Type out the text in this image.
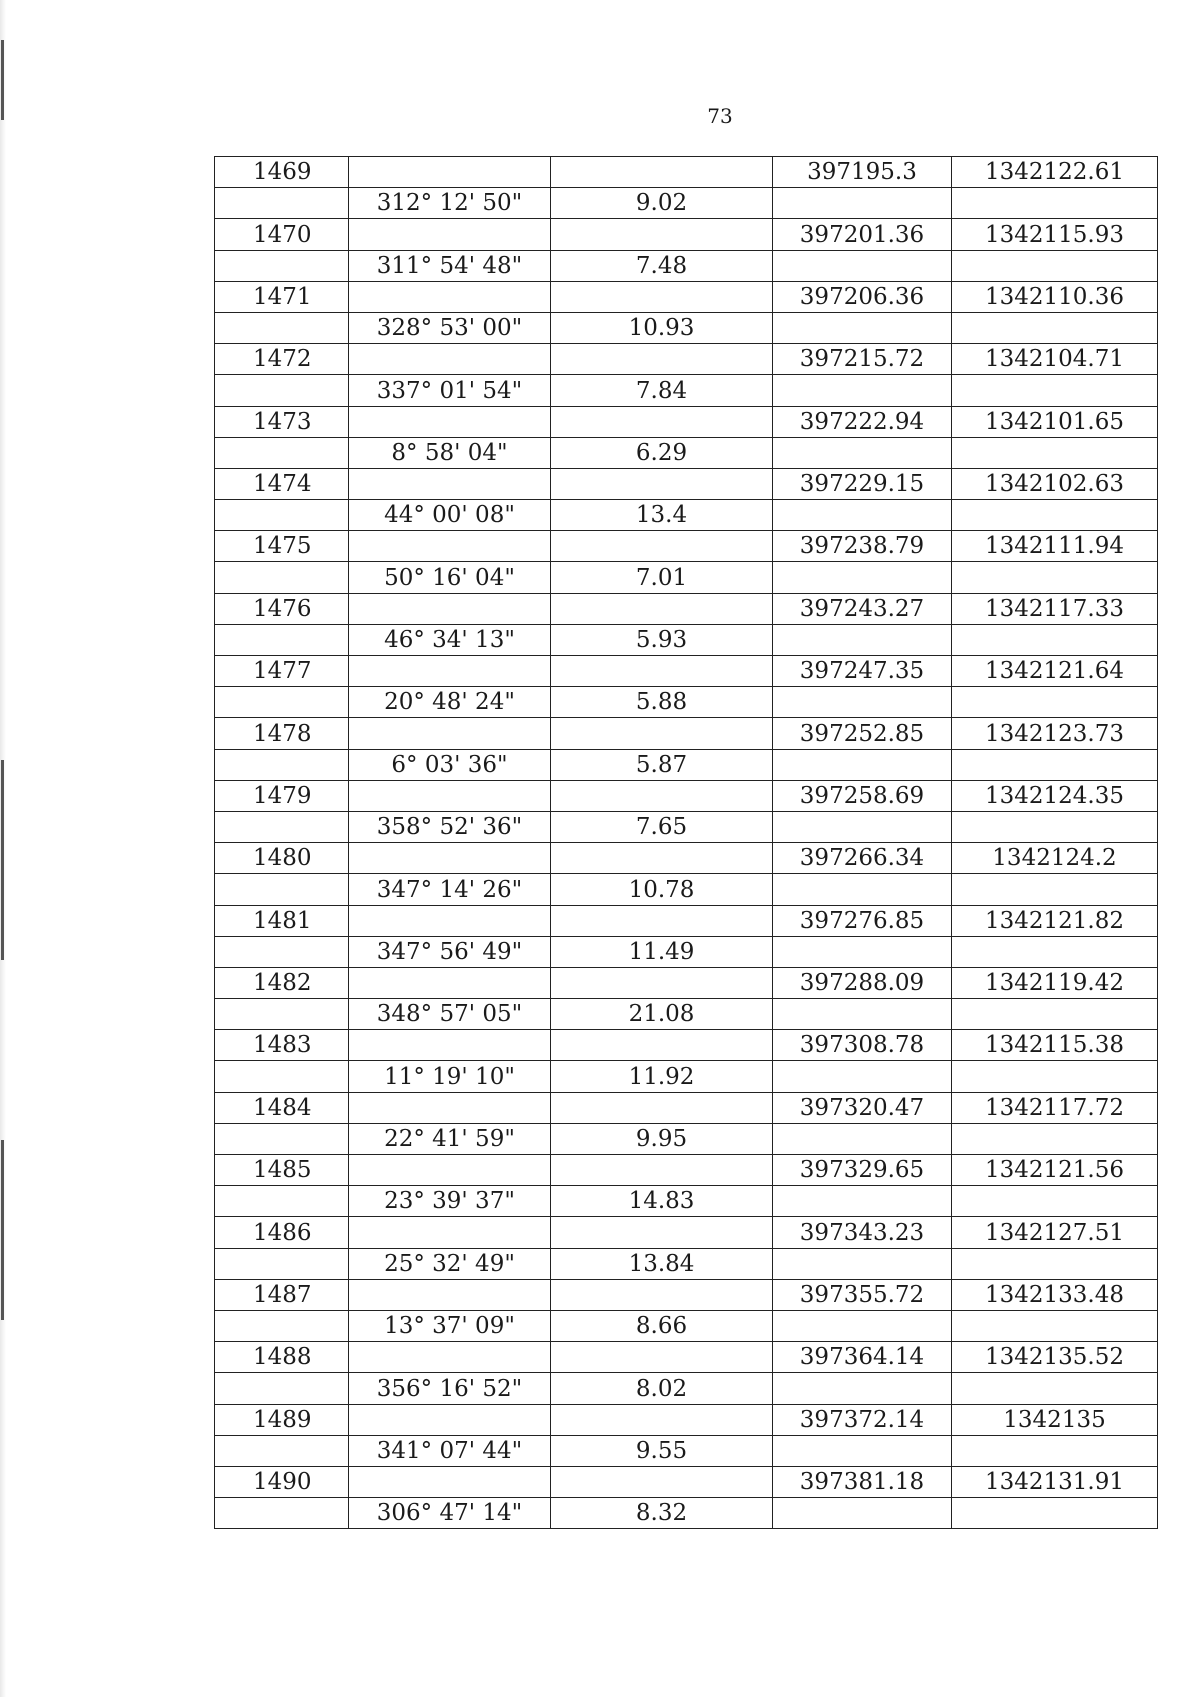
73
1469			397195.3	1342122.61
	312° 12' 50"	9.02		
1470			397201.36	1342115.93
	311° 54' 48"	7.48		
1471			397206.36	1342110.36
	328° 53' 00"	10.93		
1472			397215.72	1342104.71
	337° 01' 54"	7.84		
1473			397222.94	1342101.65
	8° 58' 04"	6.29		
1474			397229.15	1342102.63
	44° 00' 08"	13.4		
1475			397238.79	1342111.94
	50° 16' 04"	7.01		
1476			397243.27	1342117.33
	46° 34' 13"	5.93		
1477			397247.35	1342121.64
	20° 48' 24"	5.88		
1478			397252.85	1342123.73
	6° 03' 36"	5.87		
1479			397258.69	1342124.35
	358° 52' 36"	7.65		
1480			397266.34	1342124.2
	347° 14' 26"	10.78		
1481			397276.85	1342121.82
	347° 56' 49"	11.49		
1482			397288.09	1342119.42
	348° 57' 05"	21.08		
1483			397308.78	1342115.38
	11° 19' 10"	11.92		
1484			397320.47	1342117.72
	22° 41' 59"	9.95		
1485			397329.65	1342121.56
	23° 39' 37"	14.83		
1486			397343.23	1342127.51
	25° 32' 49"	13.84		
1487			397355.72	1342133.48
	13° 37' 09"	8.66		
1488			397364.14	1342135.52
	356° 16' 52"	8.02		
1489			397372.14	1342135
	341° 07' 44"	9.55		
1490			397381.18	1342131.91
	306° 47' 14"	8.32		
